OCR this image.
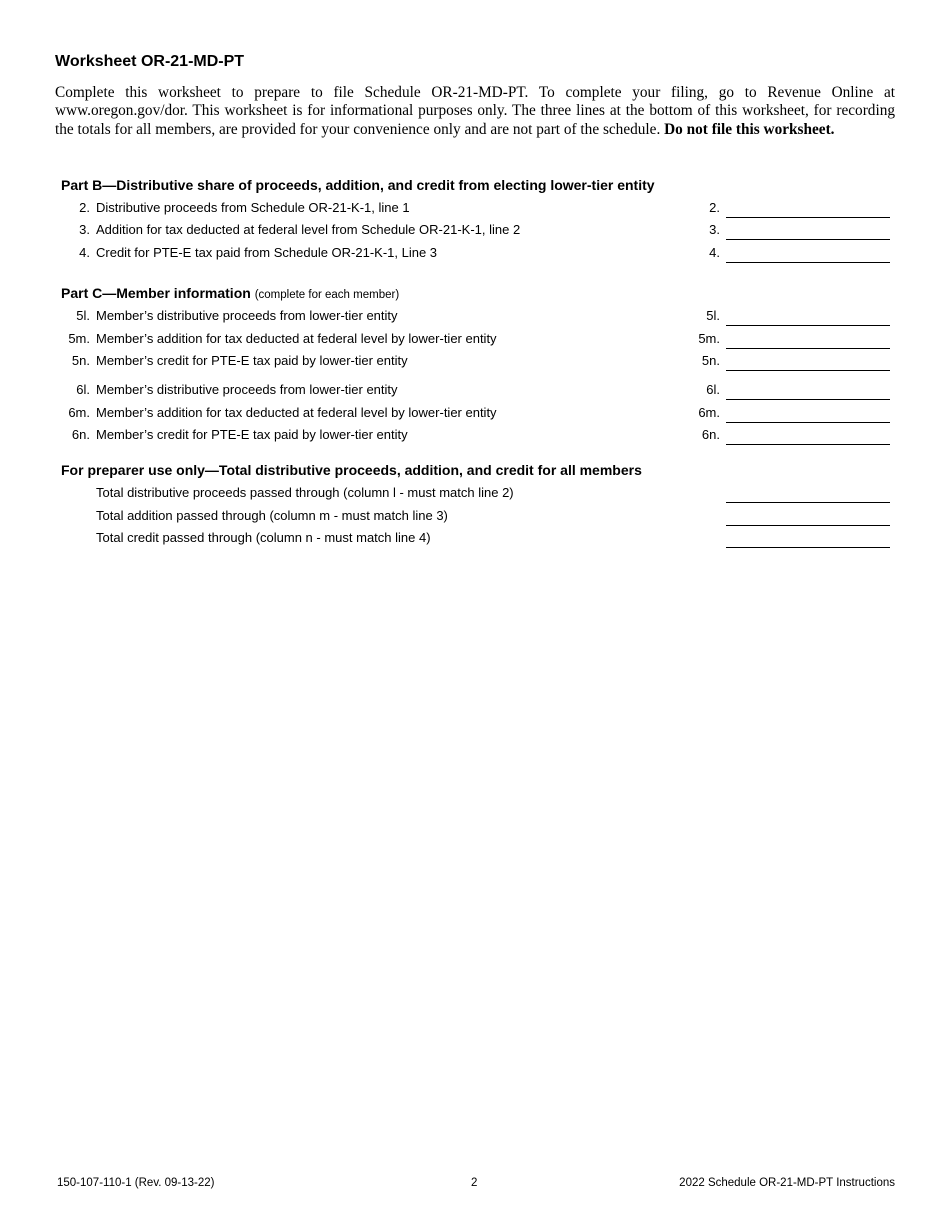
Worksheet OR-21-MD-PT

Complete this worksheet to prepare to file Schedule OR-21-MD-PT. To complete your filing, go to Revenue Online at www.oregon.gov/dor. This worksheet is for informational purposes only. The three lines at the bottom of this worksheet, for recording the totals for all members, are provided for your convenience only and are not part of the schedule. Do not file this worksheet.

Part B—Distributive share of proceeds, addition, and credit from electing lower-tier entity
2. Distributive proceeds from Schedule OR-21-K-1, line 1	2.
3. Addition for tax deducted at federal level from Schedule OR-21-K-1, line 2	3.
4. Credit for PTE-E tax paid from Schedule OR-21-K-1, Line 3	4.
Part C—Member information (complete for each member)
5l. Member’s distributive proceeds from lower-tier entity	5l.
5m. Member’s addition for tax deducted at federal level by lower-tier entity	5m.
5n. Member’s credit for PTE-E tax paid by lower-tier entity	5n.
6l. Member’s distributive proceeds from lower-tier entity	6l.
6m. Member’s addition for tax deducted at federal level by lower-tier entity	6m.
6n. Member’s credit for PTE-E tax paid by lower-tier entity	6n.
For preparer use only—Total distributive proceeds, addition, and credit for all members
Total distributive proceeds passed through (column l - must match line 2)
Total addition passed through (column m - must match line 3)
Total credit passed through (column n - must match line 4)
150-107-110-1 (Rev. 09-13-22)	2	2022 Schedule OR-21-MD-PT Instructions
